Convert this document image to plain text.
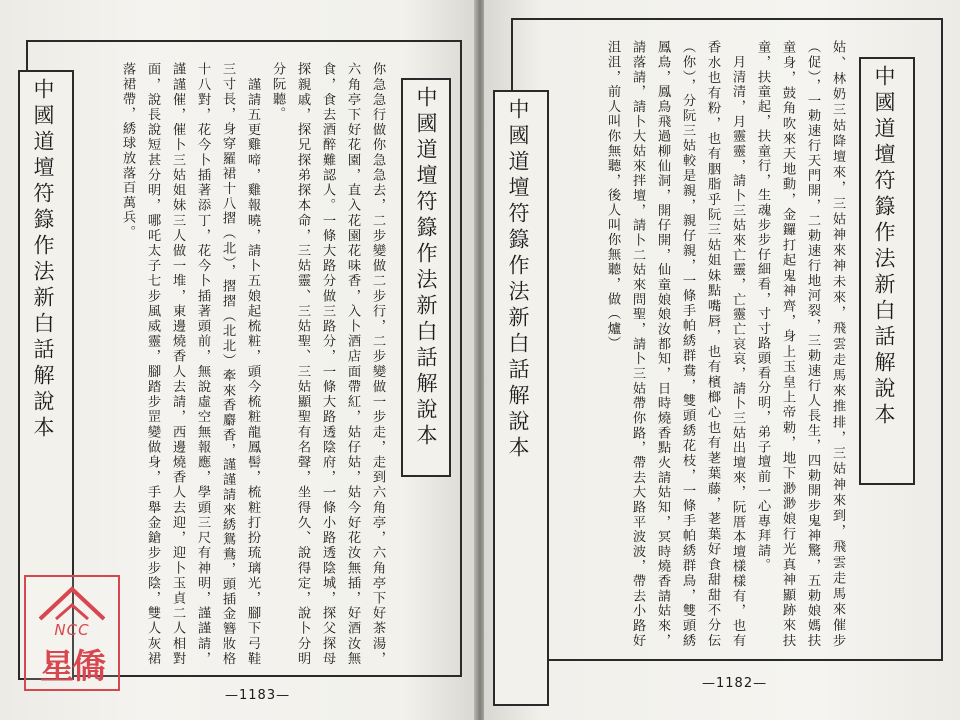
中國道壇符籙作法新白話解說本	中國道壇符籙作法新白話解說本
你急急行做你急急去，二步變做二步行，二步變做一步走，走到六角亭，六角亭下好茶湯，六角亭下好花園，直入花園花味香，入卜酒店面帶紅，姑仔姑，姑今好花汝無插，好酒汝無食，食去酒醉難認人。一條大路分做三路分，一條大路透陰府，一條小路透陰城，探父探母探親戚，探兄探弟探本命，三姑靈、三姑聖、三姑顯聖有名聲，坐得久、說得定，說卜分明分阮聽。
　謹請五更雞啼，雞報曉，請卜五娘起梳粧，頭今梳粧龍鳳髻，梳粧打扮琉璃光，腳下弓鞋三寸長，身穿羅裙十八摺（北），摺摺（北北）牽來香麝香，謹謹請來綉鴛鴦，頭插金簪妝格十八對，花今卜插著添丁，花今卜插著頭前，無說虛空無報應，學頭三尺有神明，謹謹請，謹謹催，催卜三姑姐妹三人做一堆，東邊燒香人去請，西邊燒香人去迎，迎卜玉貞二人相對面，說長說短甚分明，哪吒太子七步風威靈，腳踏步罡變做身，手舉金鎗步步陰，雙人灰裙落裙帶，綉球放落百萬兵。
—1183—
NCC
星僑
中國道壇符籙作法新白話解說本	中國道壇符籙作法新白話解說本
姑、林奶三姑降壇來，三姑神來神未來，飛雲走馬來推排，三姑神來到，飛雲走馬來催步（促），一勅速行天門開，二勅速行地河裂，三勅速行人長生，四勅開步鬼神驚，五勅娘媽扶童身，鼓角吹來天地動，金鑼打起鬼神齊，身上玉皇上帝勅，地下渺渺娘行光真神顯跡來扶童，扶童起，扶童行，生魂步步仔細看，寸寸路頭看分明，弟子壇前一心專拜請。
　月清清，月靈靈，請卜三姑來亡靈，亡靈亡哀哀，請卜三姑出壇來，阮厝本壇樣樣有，也有香水也有粉，也有胭脂乎阮三姑姐妹點嘴唇，也有檳榔心也有荖葉藤，荖葉好食甜甜不分伝（你），分阮三姑較是親，親仔親，一條手帕綉群鴦，雙頭綉花枝，一條手帕綉群鳥，雙頭綉鳳鳥，鳳鳥飛過柳仙洞，開仔開，仙童娘娘汝都知，日時燒香點火請姑知，冥時燒香請姑來，請落請，請卜大姑來拌壇，請卜二姑來問聖，請卜三姑帶你路，帶去大路平波波，帶去小路好沮沮，前人叫你無聽，後人叫你無聽，做（爐）
—1182—
